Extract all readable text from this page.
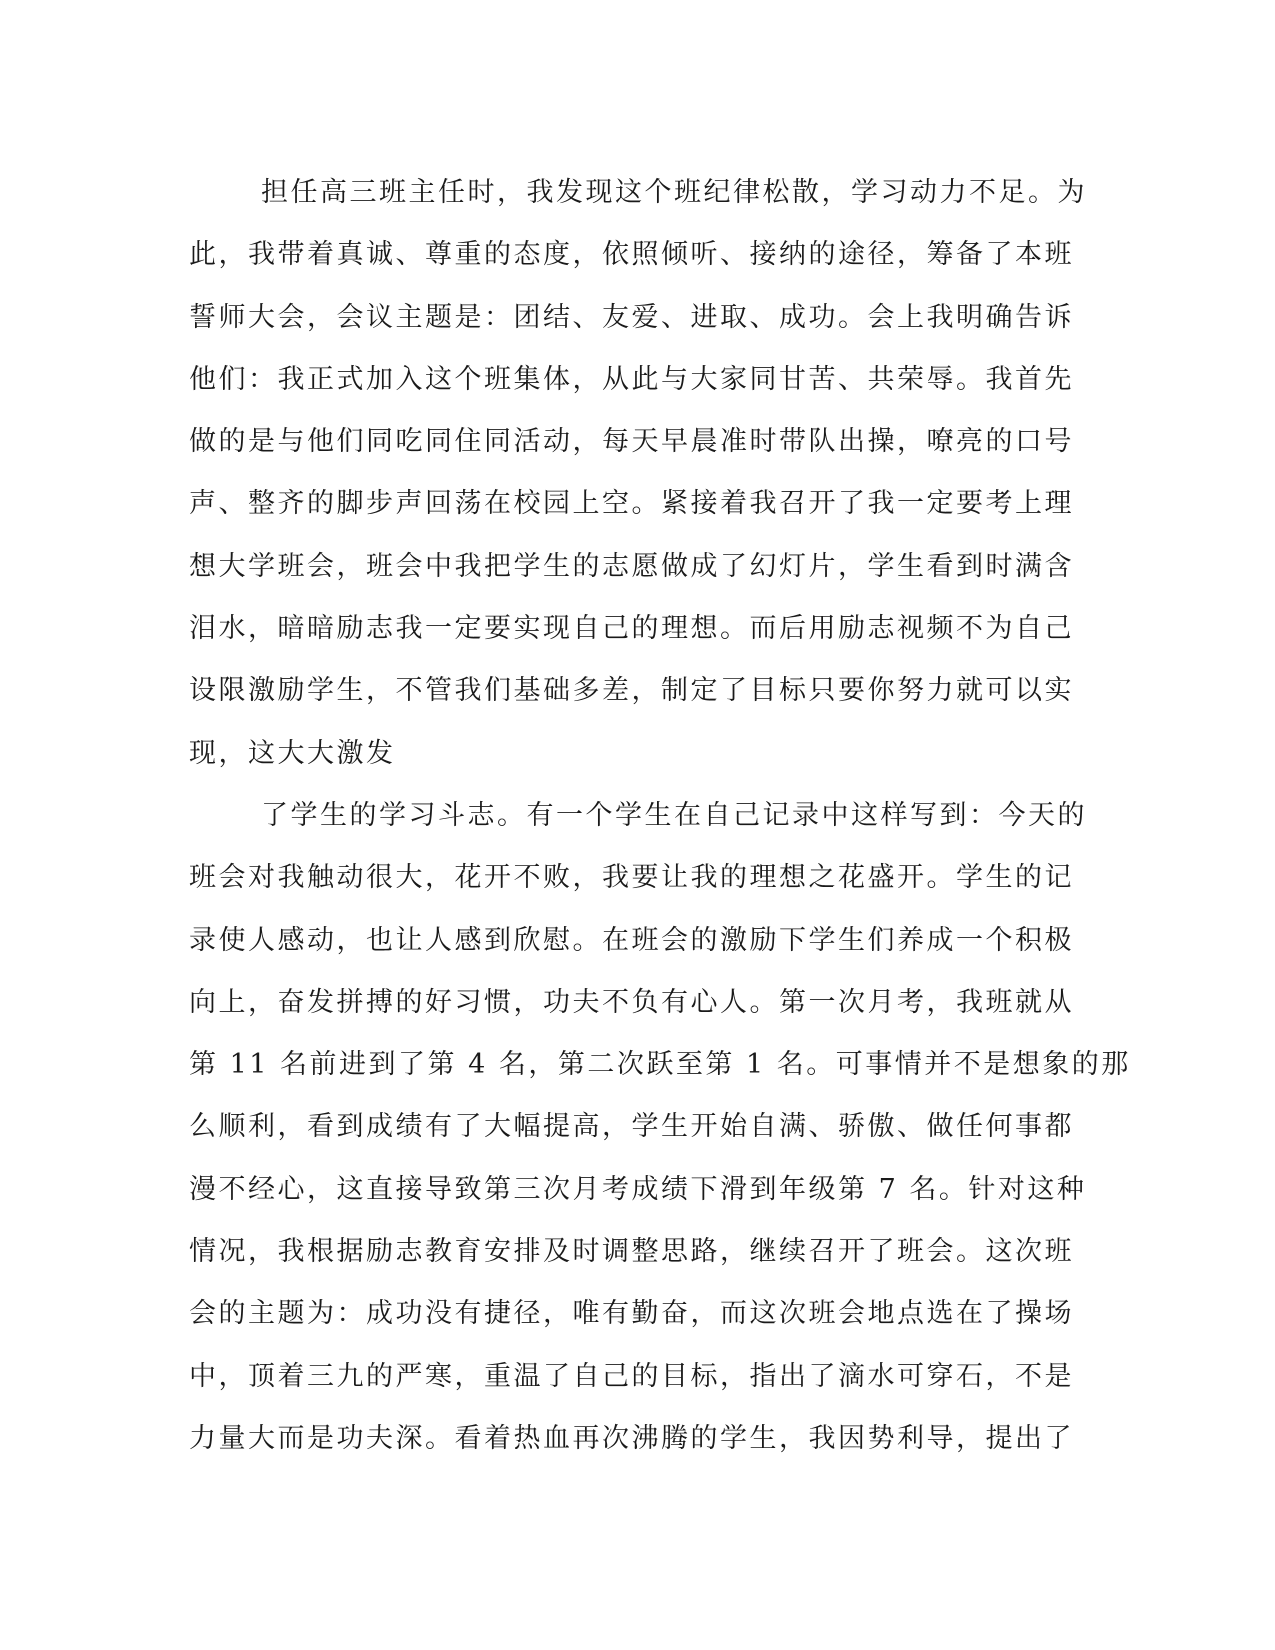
担任高三班主任时，我发现这个班纪律松散，学习动力不足。为
此，我带着真诚、尊重的态度，依照倾听、接纳的途径，筹备了本班
誓师大会，会议主题是：团结、友爱、进取、成功。会上我明确告诉
他们：我正式加入这个班集体，从此与大家同甘苦、共荣辱。我首先
做的是与他们同吃同住同活动，每天早晨准时带队出操，嘹亮的口号
声、整齐的脚步声回荡在校园上空。紧接着我召开了我一定要考上理
想大学班会，班会中我把学生的志愿做成了幻灯片，学生看到时满含
泪水，暗暗励志我一定要实现自己的理想。而后用励志视频不为自己
设限激励学生，不管我们基础多差，制定了目标只要你努力就可以实
现，这大大激发
了学生的学习斗志。有一个学生在自己记录中这样写到：今天的
班会对我触动很大，花开不败，我要让我的理想之花盛开。学生的记
录使人感动，也让人感到欣慰。在班会的激励下学生们养成一个积极
向上，奋发拼搏的好习惯，功夫不负有心人。第一次月考，我班就从
第 11 名前进到了第 4 名，第二次跃至第 1 名。可事情并不是想象的那
么顺利，看到成绩有了大幅提高，学生开始自满、骄傲、做任何事都
漫不经心，这直接导致第三次月考成绩下滑到年级第 7 名。针对这种
情况，我根据励志教育安排及时调整思路，继续召开了班会。这次班
会的主题为：成功没有捷径，唯有勤奋，而这次班会地点选在了操场
中，顶着三九的严寒，重温了自己的目标，指出了滴水可穿石，不是
力量大而是功夫深。看着热血再次沸腾的学生，我因势利导，提出了
